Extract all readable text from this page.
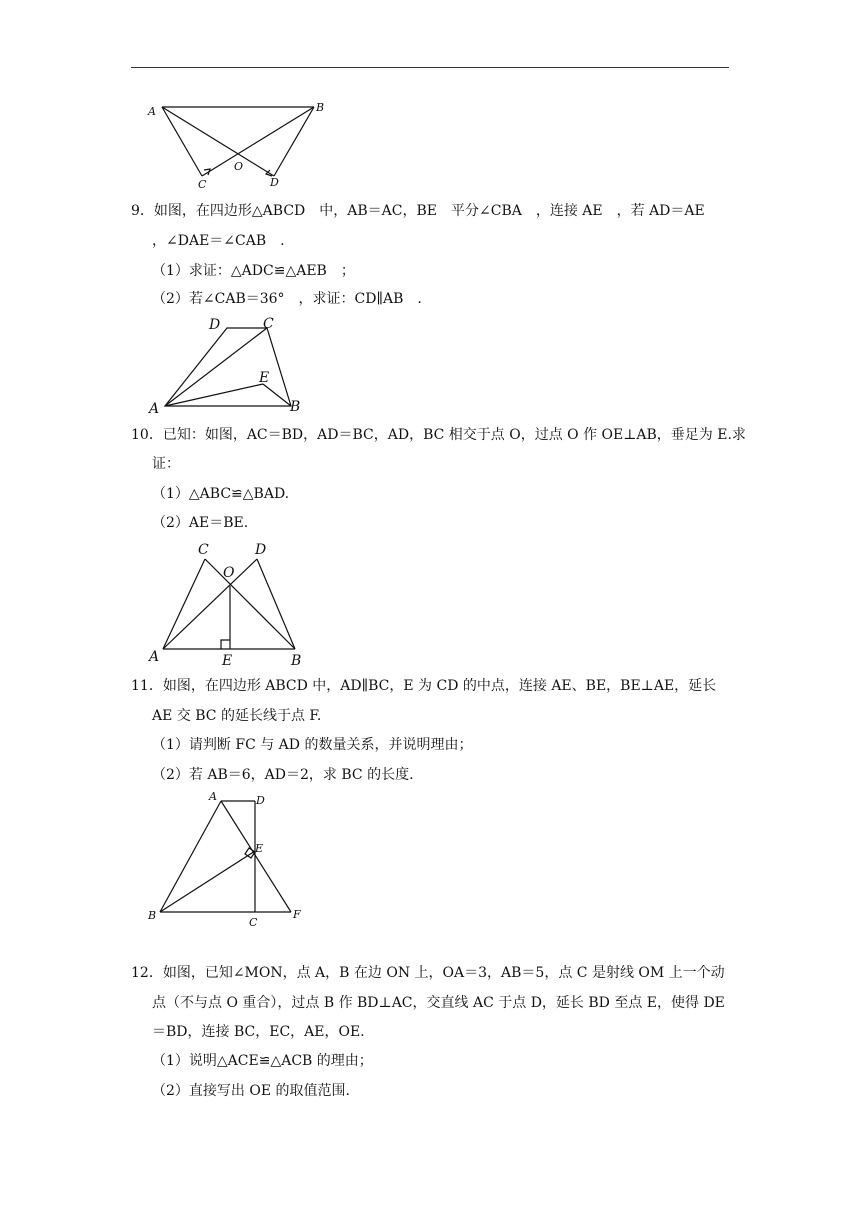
A	B
C	D
O
9．如图，在四边形△ABCD　中，AB＝AC，BE　平分∠CBA　，连接 AE　，若 AD＝AE
，∠DAE＝∠CAB　.
（1）求证：△ADC≌△AEB　；
（2）若∠CAB＝36°　，求证：CD∥AB　.
D	C
E
A	B
10．已知：如图，AC＝BD，AD＝BC，AD，BC 相交于点 O，过点 O 作 OE⊥AB，垂足为 E.求
证：
（1）△ABC≌△BAD.
（2）AE＝BE.
C	D
O
A	E	B
11．如图，在四边形 ABCD 中，AD∥BC，E 为 CD 的中点，连接 AE、BE，BE⊥AE，延长
AE 交 BC 的延长线于点 F.
（1）请判断 FC 与 AD 的数量关系，并说明理由；
（2）若 AB＝6，AD＝2，求 BC 的长度.
A	D
E
B
C
F
12．如图，已知∠MON，点 A，B 在边 ON 上，OA＝3，AB＝5，点 C 是射线 OM 上一个动
点（不与点 O 重合），过点 B 作 BD⊥AC，交直线 AC 于点 D，延长 BD 至点 E，使得 DE
＝BD，连接 BC，EC，AE，OE.
（1）说明△ACE≌△ACB 的理由；
（2）直接写出 OE 的取值范围.
